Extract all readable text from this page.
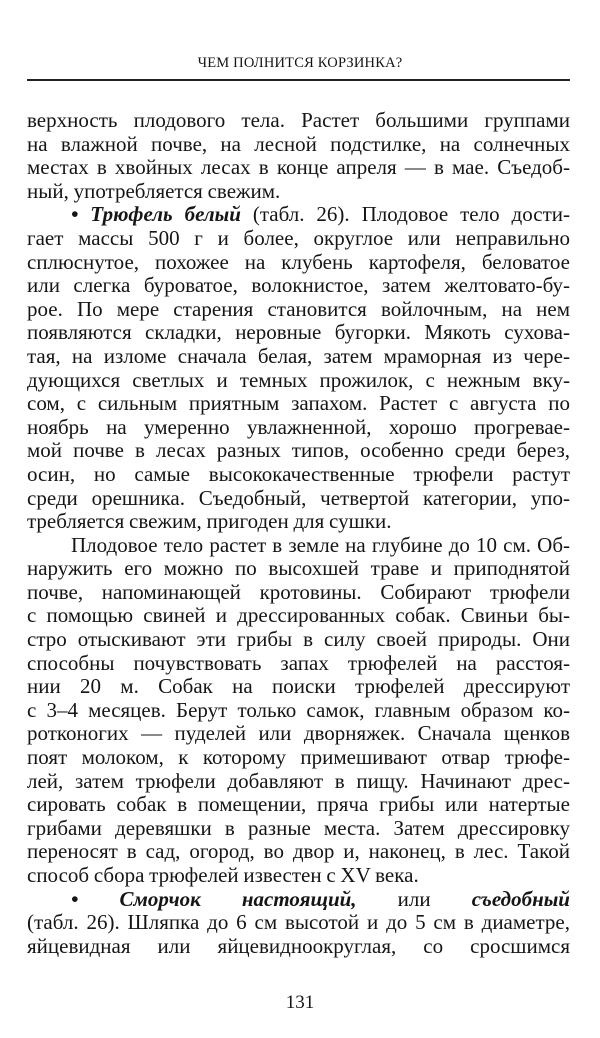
ЧЕМ ПОЛНИТСЯ КОРЗИНКА?
верхность плодового тела. Растет большими группами
на влажной почве, на лесной подстилке, на солнечных
местах в хвойных лесах в конце апреля — в мае. Съедоб-
ный, употребляется свежим.
• Трюфель белый (табл. 26). Плодовое тело дости-
гает массы 500 г и более, округлое или неправильно
сплюснутое, похожее на клубень картофеля, беловатое
или слегка буроватое, волокнистое, затем желтовато-бу-
рое. По мере старения становится войлочным, на нем
появляются складки, неровные бугорки. Мякоть сухова-
тая, на изломе сначала белая, затем мраморная из чере-
дующихся светлых и темных прожилок, с нежным вку-
сом, с сильным приятным запахом. Растет с августа по
ноябрь на умеренно увлажненной, хорошо прогревае-
мой почве в лесах разных типов, особенно среди берез,
осин, но самые высококачественные трюфели растут
среди орешника. Съедобный, четвертой категории, упо-
требляется свежим, пригоден для сушки.
Плодовое тело растет в земле на глубине до 10 см. Об-
наружить его можно по высохшей траве и приподнятой
почве, напоминающей кротовины. Собирают трюфели
с помощью свиней и дрессированных собак. Свиньи бы-
стро отыскивают эти грибы в силу своей природы. Они
способны почувствовать запах трюфелей на расстоя-
нии 20 м. Собак на поиски трюфелей дрессируют
с 3–4 месяцев. Берут только самок, главным образом ко-
ротконогих — пуделей или дворняжек. Сначала щенков
поят молоком, к которому примешивают отвар трюфе-
лей, затем трюфели добавляют в пищу. Начинают дрес-
сировать собак в помещении, пряча грибы или натертые
грибами деревяшки в разные места. Затем дрессировку
переносят в сад, огород, во двор и, наконец, в лес. Такой
способ сбора трюфелей известен с XV века.
• Сморчок настоящий, или съедобный
(табл. 26). Шляпка до 6 см высотой и до 5 см в диаметре,
яйцевидная или яйцевидноокруглая, со сросшимся
131
